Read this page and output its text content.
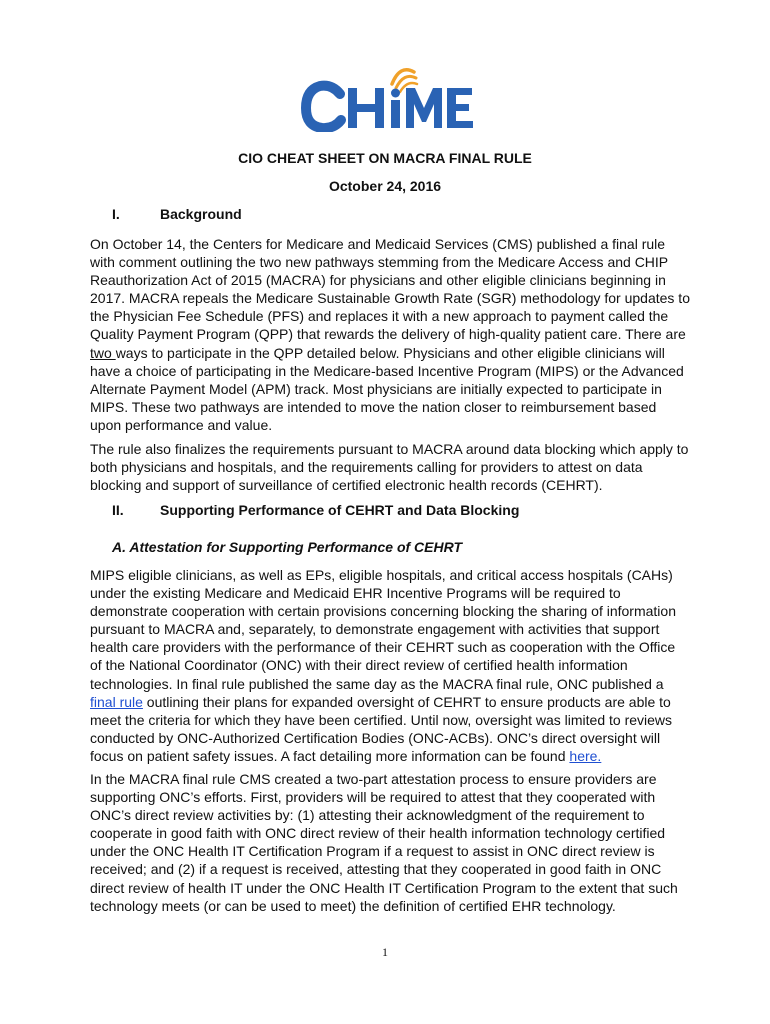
CIO CHEAT SHEET ON MACRA FINAL RULE
October 24, 2016
I.	Background
On October 14, the Centers for Medicare and Medicaid Services (CMS) published a final rule with comment outlining the two new pathways stemming from the Medicare Access and CHIP Reauthorization Act of 2015 (MACRA) for physicians and other eligible clinicians beginning in 2017. MACRA repeals the Medicare Sustainable Growth Rate (SGR) methodology for updates to the Physician Fee Schedule (PFS) and replaces it with a new approach to payment called the Quality Payment Program (QPP) that rewards the delivery of high-quality patient care. There are two ways to participate in the QPP detailed below. Physicians and other eligible clinicians will have a choice of participating in the Medicare-based Incentive Program (MIPS) or the Advanced Alternate Payment Model (APM) track. Most physicians are initially expected to participate in MIPS. These two pathways are intended to move the nation closer to reimbursement based upon performance and value.
The rule also finalizes the requirements pursuant to MACRA around data blocking which apply to both physicians and hospitals, and the requirements calling for providers to attest on data blocking and support of surveillance of certified electronic health records (CEHRT).
II.	Supporting Performance of CEHRT and Data Blocking
A. Attestation for Supporting Performance of CEHRT
MIPS eligible clinicians, as well as EPs, eligible hospitals, and critical access hospitals (CAHs) under the existing Medicare and Medicaid EHR Incentive Programs will be required to demonstrate cooperation with certain provisions concerning blocking the sharing of information pursuant to MACRA and, separately, to demonstrate engagement with activities that support health care providers with the performance of their CEHRT such as cooperation with the Office of the National Coordinator (ONC) with their direct review of certified health information technologies. In final rule published the same day as the MACRA final rule, ONC published a final rule outlining their plans for expanded oversight of CEHRT to ensure products are able to meet the criteria for which they have been certified. Until now, oversight was limited to reviews conducted by ONC-Authorized Certification Bodies (ONC-ACBs). ONC’s direct oversight will focus on patient safety issues. A fact detailing more information can be found here.
In the MACRA final rule CMS created a two-part attestation process to ensure providers are supporting ONC’s efforts. First, providers will be required to attest that they cooperated with ONC’s direct review activities by: (1) attesting their acknowledgment of the requirement to cooperate in good faith with ONC direct review of their health information technology certified under the ONC Health IT Certification Program if a request to assist in ONC direct review is received; and (2) if a request is received, attesting that they cooperated in good faith in ONC direct review of health IT under the ONC Health IT Certification Program to the extent that such technology meets (or can be used to meet) the definition of certified EHR technology.
1
